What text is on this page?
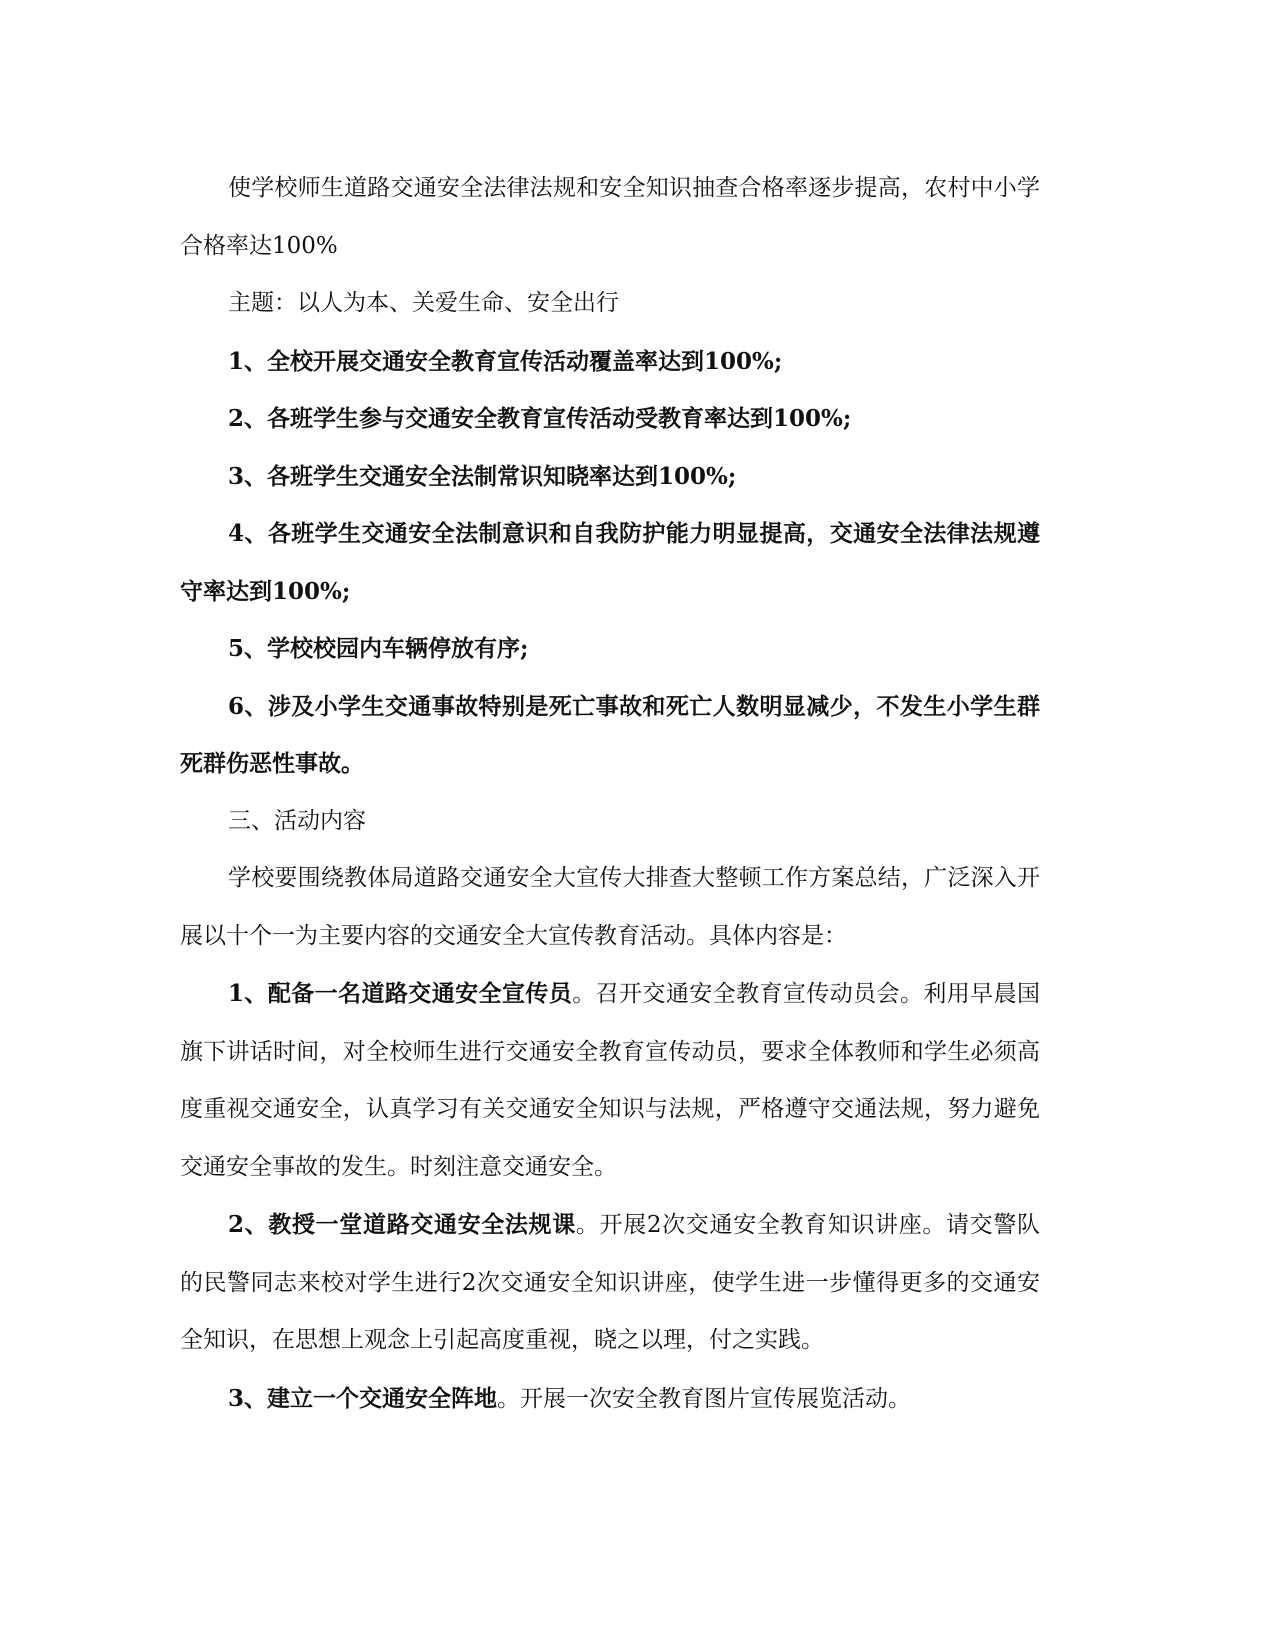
使学校师生道路交通安全法律法规和安全知识抽查合格率逐步提高，农村中小学合格率达100%

主题：以人为本、关爱生命、安全出行

1、全校开展交通安全教育宣传活动覆盖率达到100%;

2、各班学生参与交通安全教育宣传活动受教育率达到100%;

3、各班学生交通安全法制常识知晓率达到100%;

4、各班学生交通安全法制意识和自我防护能力明显提高，交通安全法律法规遵守率达到100%;

5、学校校园内车辆停放有序;

6、涉及小学生交通事故特别是死亡事故和死亡人数明显减少，不发生小学生群死群伤恶性事故。

三、活动内容

学校要围绕教体局道路交通安全大宣传大排查大整顿工作方案总结，广泛深入开展以十个一为主要内容的交通安全大宣传教育活动。具体内容是：

1、配备一名道路交通安全宣传员。召开交通安全教育宣传动员会。利用早晨国旗下讲话时间，对全校师生进行交通安全教育宣传动员，要求全体教师和学生必须高度重视交通安全，认真学习有关交通安全知识与法规，严格遵守交通法规，努力避免交通安全事故的发生。时刻注意交通安全。

2、教授一堂道路交通安全法规课。开展2次交通安全教育知识讲座。请交警队的民警同志来校对学生进行2次交通安全知识讲座，使学生进一步懂得更多的交通安全知识，在思想上观念上引起高度重视，晓之以理，付之实践。

3、建立一个交通安全阵地。开展一次安全教育图片宣传展览活动。
